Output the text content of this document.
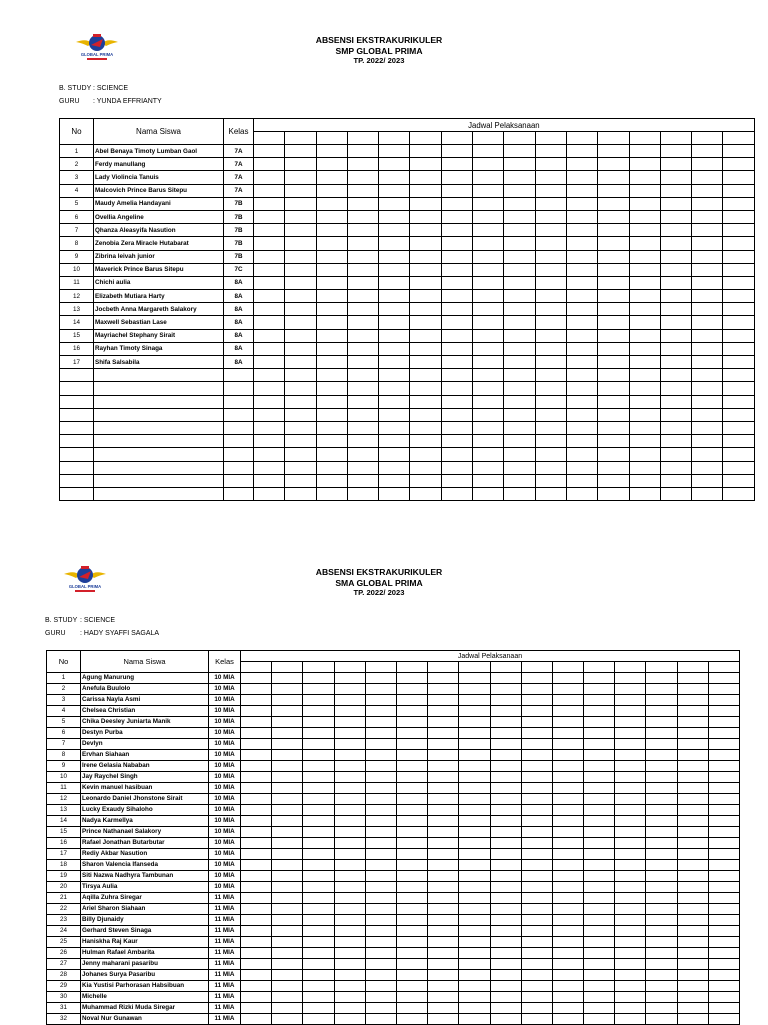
GLOBAL PRIMA
ABSENSI EKSTRAKURIKULER
SMP GLOBAL PRIMA
TP. 2022/ 2023
B. STUDY : SCIENCE
GURU : YUNDA EFFRIANTY
No	Nama Siswa	Kelas	Jadwal Pelaksanaan															

1	Abel Benaya Timoty Lumban Gaol	7A																
2	Ferdy manullang	7A																
3	Lady Violincia Tanuis	7A																
4	Malcovich Prince Barus Sitepu	7A																
5	Maudy Amelia Handayani	7B																
6	Ovellia Angeline	7B																
7	Qhanza Aleasyifa Nasution	7B																
8	Zenobia Zera Miracle Hutabarat	7B																
9	Zibrina leivah junior	7B																
10	Maverick Prince Barus Sitepu	7C																
11	Chichi aulia	8A																
12	Elizabeth Mutiara Harty	8A																
13	Jocbeth Anna Margareth Salakory	8A																
14	Maxwell Sebastian Lase	8A																
15	Mayriachel Stephany Sirait	8A																
16	Rayhan Timoty Sinaga	8A																
17	Shifa Salsabila	8A																

GLOBAL PRIMA
ABSENSI EKSTRAKURIKULER
SMA GLOBAL PRIMA
TP. 2022/ 2023
B. STUDY : SCIENCE
GURU : HADY SYAFFI SAGALA
No	Nama Siswa	Kelas	Jadwal Pelaksanaan															

1	Agung Manurung	10 MIA																
2	Anefula Buulolo	10 MIA																
3	Carissa Nayla Asmi	10 MIA																
4	Chelsea Christian	10 MIA																
5	Chika Deesley Juniarta Manik	10 MIA																
6	Destyn Purba	10 MIA																
7	Devlyn	10 MIA																
8	Ervhan Siahaan	10 MIA																
9	Irene Gelasia Nababan	10 MIA																
10	Jay Raychel Singh	10 MIA																
11	Kevin manuel hasibuan	10 MIA																
12	Leonardo Daniel Jhonstone Sirait	10 MIA																
13	Lucky Exaudy Sihaloho	10 MIA																
14	Nadya Karmellya	10 MIA																
15	Prince Nathanael Salakory	10 MIA																
16	Rafael Jonathan Butarbutar	10 MIA																
17	Rediy Akbar Nasution	10 MIA																
18	Sharon Valencia Ifanseda	10 MIA																
19	Siti Nazwa Nadhyra Tambunan	10 MIA																
20	Tirsya Aulia	10 MIA																
21	Aqilla Zuhra Siregar	11 MIA																
22	Ariel Sharon Siahaan	11 MIA																
23	Billy Djunaidy	11 MIA																
24	Gerhard Steven Sinaga	11 MIA																
25	Haniskha Raj Kaur	11 MIA																
26	Hulman Rafael Ambarita	11 MIA																
27	Jenny maharani pasaribu	11 MIA																
28	Johanes Surya Pasaribu	11 MIA																
29	Kia Yustisi Parhorasan Habsibuan	11 MIA																
30	Michelle	11 MIA																
31	Muhammad Rizki Muda Siregar	11 MIA																
32	Noval Nur Gunawan	11 MIA																
